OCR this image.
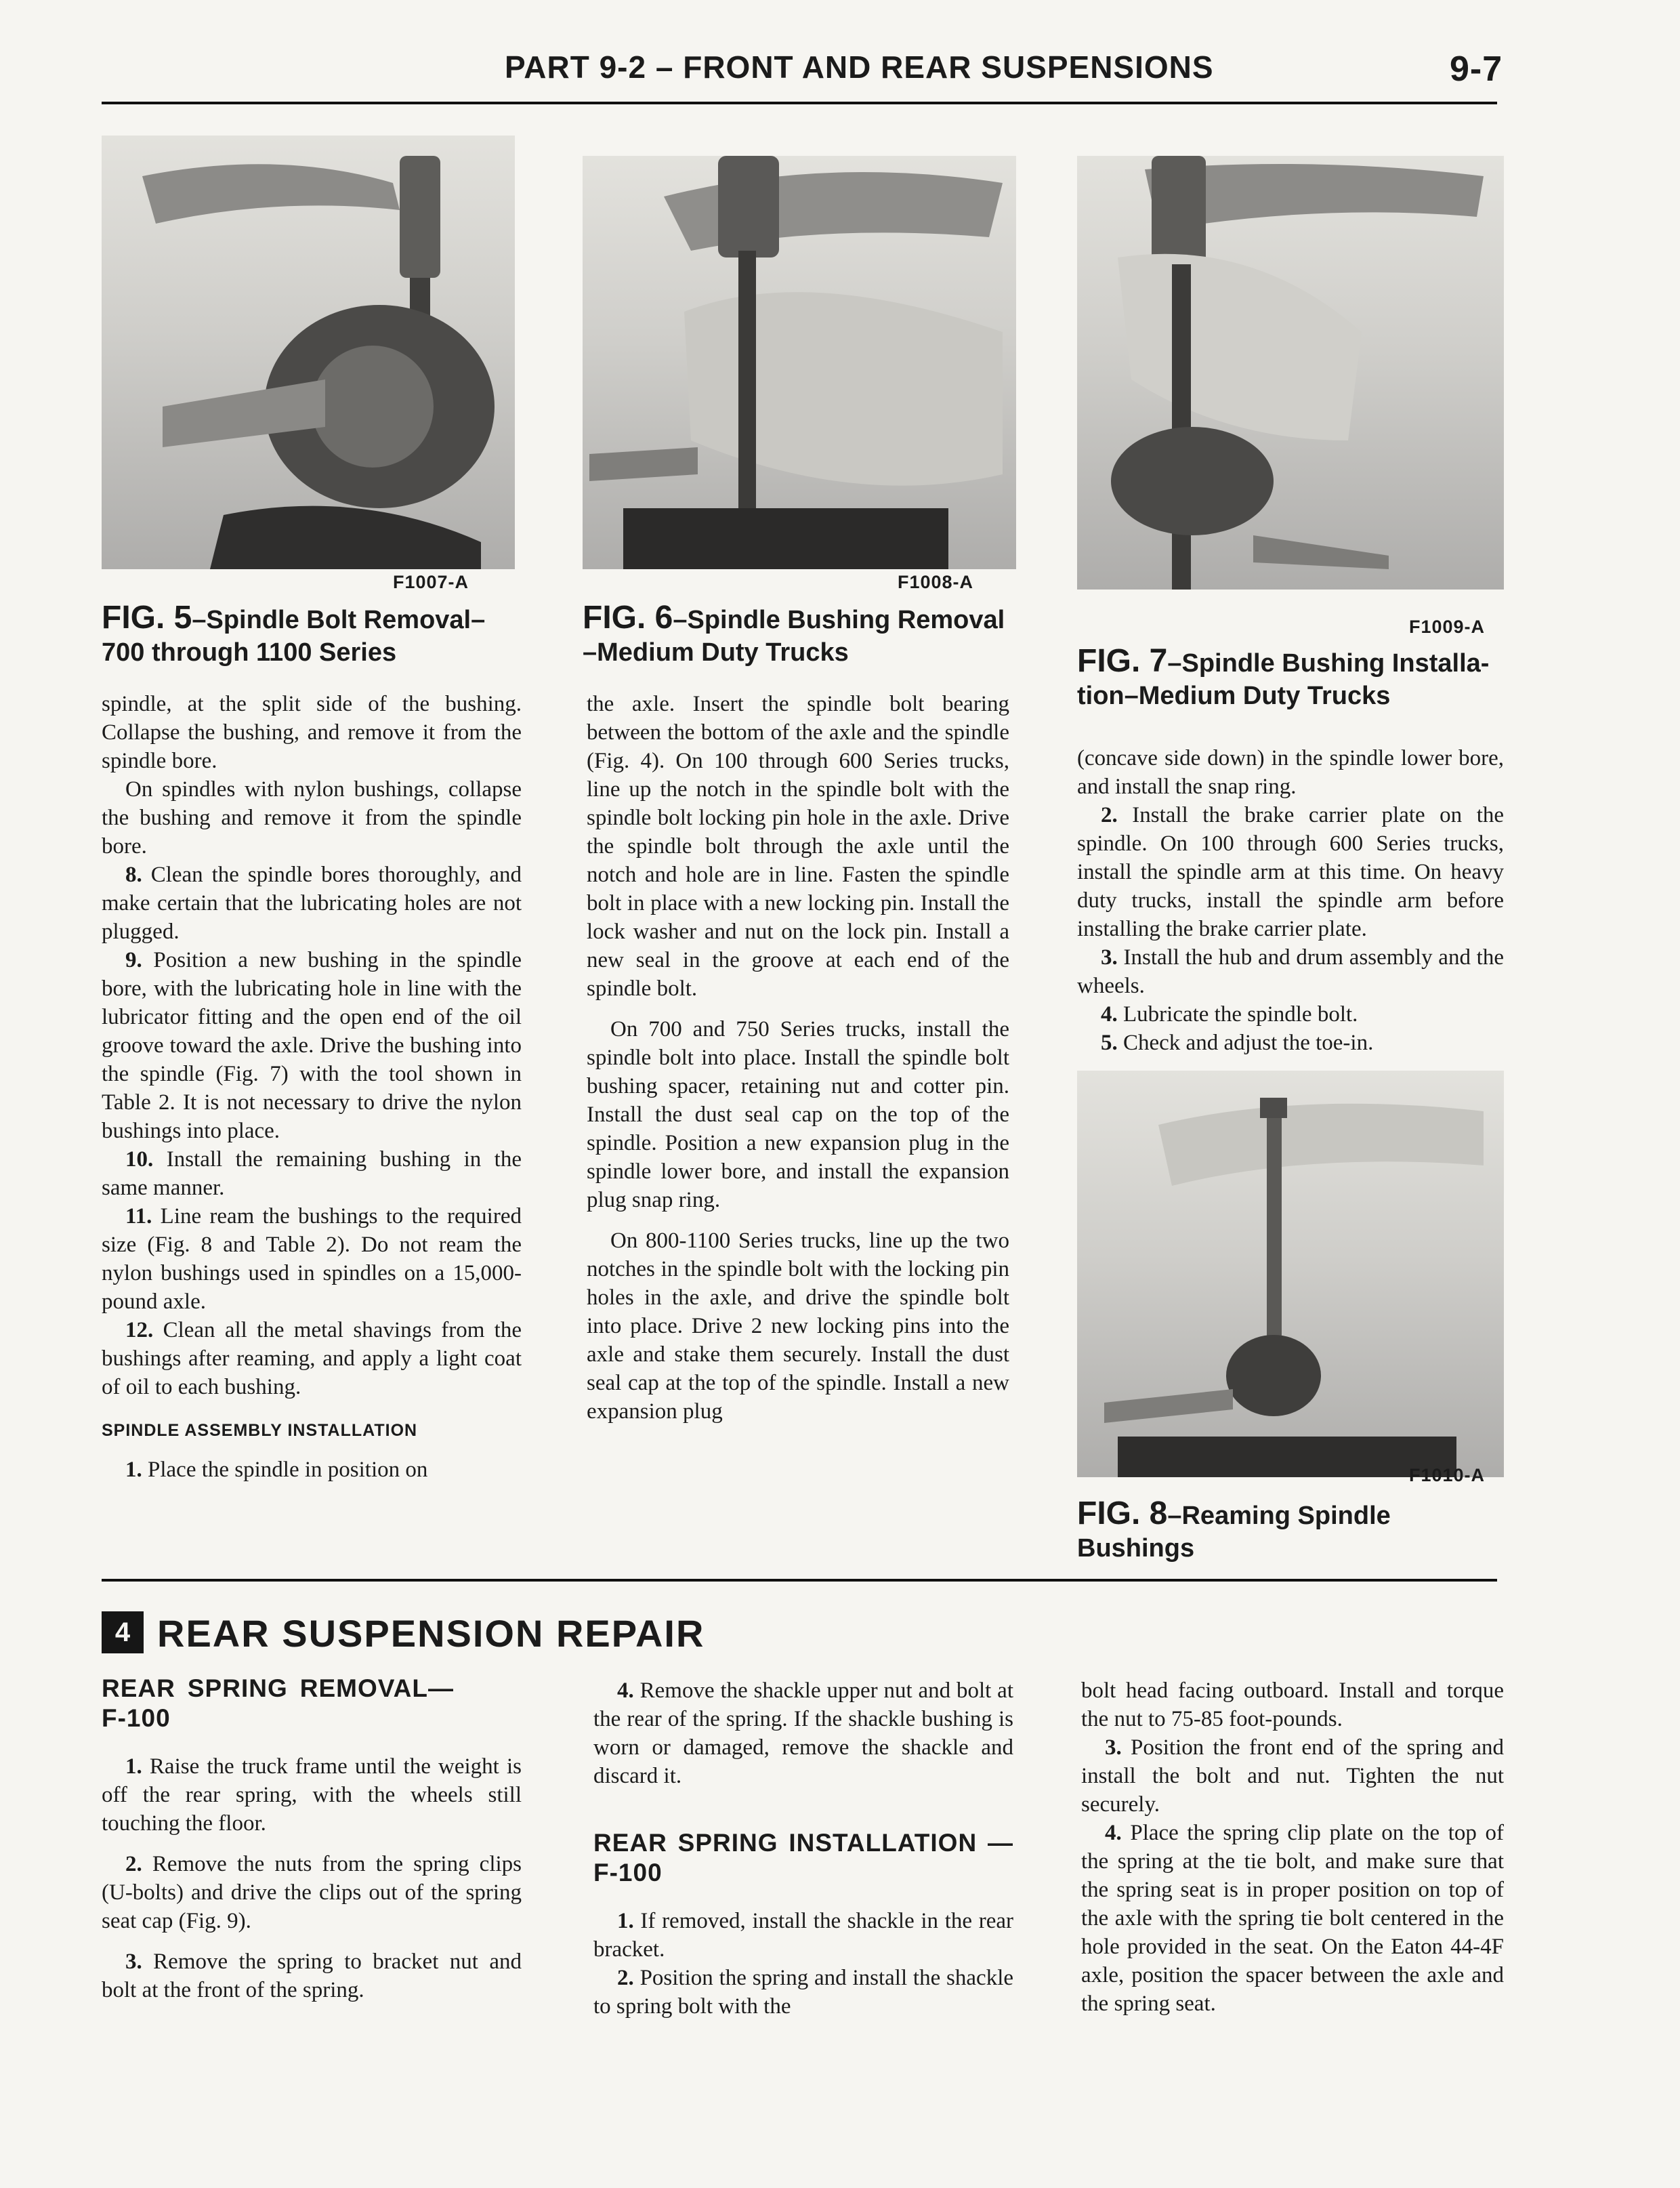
PART 9-2 – FRONT AND REAR SUSPENSIONS	9-7
F1007-A
FIG. 5–Spindle Bolt Removal–700 through 1100 Series
F1008-A
FIG. 6–Spindle Bushing Removal –Medium Duty Trucks
F1009-A
FIG. 7–Spindle Bushing Installa-tion–Medium Duty Trucks
F1010-A
FIG. 8–Reaming Spindle Bushings

spindle, at the split side of the bushing. Collapse the bushing, and remove it from the spindle bore.

On spindles with nylon bushings, collapse the bushing and remove it from the spindle bore.

8. Clean the spindle bores thoroughly, and make certain that the lubricating holes are not plugged.

9. Position a new bushing in the spindle bore, with the lubricating hole in line with the lubricator fitting and the open end of the oil groove toward the axle. Drive the bushing into the spindle (Fig. 7) with the tool shown in Table 2. It is not necessary to drive the nylon bushings into place.

10. Install the remaining bushing in the same manner.

11. Line ream the bushings to the required size (Fig. 8 and Table 2). Do not ream the nylon bushings used in spindles on a 15,000-pound axle.

12. Clean all the metal shavings from the bushings after reaming, and apply a light coat of oil to each bushing.

SPINDLE ASSEMBLY INSTALLATION

1. Place the spindle in position on

the axle. Insert the spindle bolt bearing between the bottom of the axle and the spindle (Fig. 4). On 100 through 600 Series trucks, line up the notch in the spindle bolt with the spindle bolt locking pin hole in the axle. Drive the spindle bolt through the axle until the notch and hole are in line. Fasten the spindle bolt in place with a new locking pin. Install the lock washer and nut on the lock pin. Install a new seal in the groove at each end of the spindle bolt.

On 700 and 750 Series trucks, install the spindle bolt into place. Install the spindle bolt bushing spacer, retaining nut and cotter pin. Install the dust seal cap on the top of the spindle. Position a new expansion plug in the spindle lower bore, and install the expansion plug snap ring.

On 800-1100 Series trucks, line up the two notches in the spindle bolt with the locking pin holes in the axle, and drive the spindle bolt into place. Drive 2 new locking pins into the axle and stake them securely. Install the dust seal cap at the top of the spindle. Install a new expansion plug

(concave side down) in the spindle lower bore, and install the snap ring.

2. Install the brake carrier plate on the spindle. On 100 through 600 Series trucks, install the spindle arm at this time. On heavy duty trucks, install the spindle arm before installing the brake carrier plate.

3. Install the hub and drum assembly and the wheels.

4. Lubricate the spindle bolt.

5. Check and adjust the toe-in.

4 REAR SUSPENSION REPAIR
REAR SPRING REMOVAL— F-100

1. Raise the truck frame until the weight is off the rear spring, with the wheels still touching the floor.

2. Remove the nuts from the spring clips (U-bolts) and drive the clips out of the spring seat cap (Fig. 9).

3. Remove the spring to bracket nut and bolt at the front of the spring.

4. Remove the shackle upper nut and bolt at the rear of the spring. If the shackle bushing is worn or damaged, remove the shackle and discard it.

REAR SPRING INSTALLATION —F-100

1. If removed, install the shackle in the rear bracket.

2. Position the spring and install the shackle to spring bolt with the

bolt head facing outboard. Install and torque the nut to 75-85 foot-pounds.

3. Position the front end of the spring and install the bolt and nut. Tighten the nut securely.

4. Place the spring clip plate on the top of the spring at the tie bolt, and make sure that the spring seat is in proper position on top of the axle with the spring tie bolt centered in the hole provided in the seat. On the Eaton 44-4F axle, position the spacer between the axle and the spring seat.
